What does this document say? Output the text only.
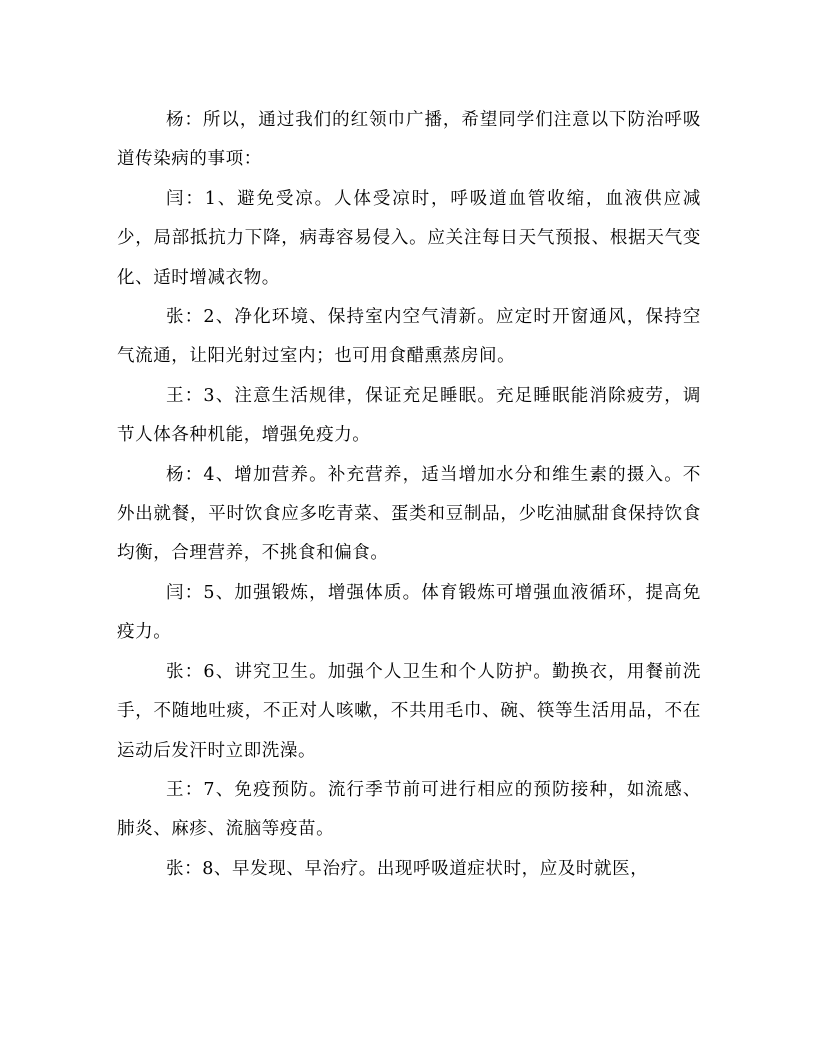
杨：所以，通过我们的红领巾广播，希望同学们注意以下防治呼吸道传染病的事项：

闫：1、避免受凉。人体受凉时，呼吸道血管收缩，血液供应减少，局部抵抗力下降，病毒容易侵入。应关注每日天气预报、根据天气变化、适时增减衣物。

张：2、净化环境、保持室内空气清新。应定时开窗通风，保持空气流通，让阳光射过室内；也可用食醋熏蒸房间。

王：3、注意生活规律，保证充足睡眠。充足睡眠能消除疲劳，调节人体各种机能，增强免疫力。

杨：4、增加营养。补充营养，适当增加水分和维生素的摄入。不外出就餐，平时饮食应多吃青菜、蛋类和豆制品，少吃油腻甜食保持饮食均衡，合理营养，不挑食和偏食。

闫：5、加强锻炼，增强体质。体育锻炼可增强血液循环，提高免疫力。

张：6、讲究卫生。加强个人卫生和个人防护。勤换衣，用餐前洗手，不随地吐痰，不正对人咳嗽，不共用毛巾、碗、筷等生活用品，不在运动后发汗时立即洗澡。

王：7、免疫预防。流行季节前可进行相应的预防接种，如流感、肺炎、麻疹、流脑等疫苗。

张：8、早发现、早治疗。出现呼吸道症状时，应及时就医，
